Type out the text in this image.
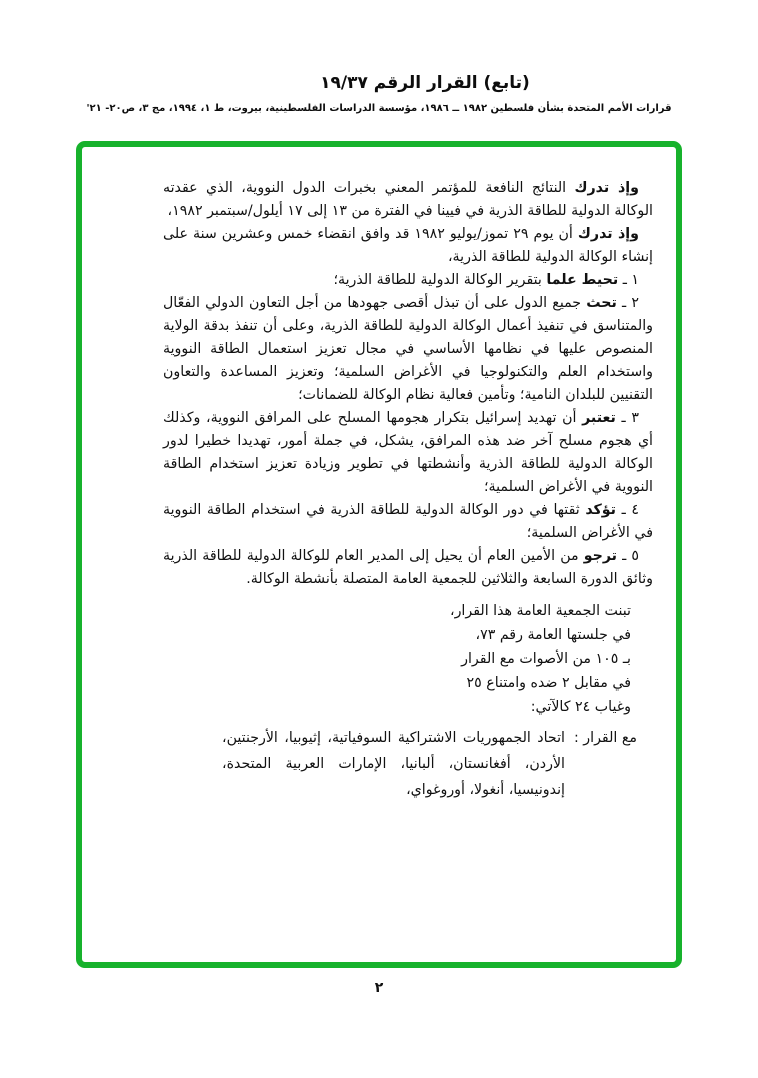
(تابع) القرار الرقم ١٩/٣٧
قرارات الأمم المتحدة بشأن فلسطين ١٩٨٢ ــ ١٩٨٦، مؤسسة الدراسات الفلسطينية، بيروت، ط ١، ١٩٩٤، مج ٣، ص٢٠- ٢١'

وإذ تدرك النتائج النافعة للمؤتمر المعني بخبرات الدول النووية، الذي عقدته الوكالة الدولية للطاقة الذرية في فيينا في الفترة من ١٣ إلى ١٧ أيلول/سبتمبر ١٩٨٢،

وإذ تدرك أن يوم ٢٩ تموز/يوليو ١٩٨٢ قد وافق انقضاء خمس وعشرين سنة على إنشاء الوكالة الدولية للطاقة الذرية،

١ ـ تحيط علما بتقرير الوكالة الدولية للطاقة الذرية؛

٢ ـ تحث جميع الدول على أن تبذل أقصى جهودها من أجل التعاون الدولي الفعّال والمتناسق في تنفيذ أعمال الوكالة الدولية للطاقة الذرية، وعلى أن تنفذ بدقة الولاية المنصوص عليها في نظامها الأساسي في مجال تعزيز استعمال الطاقة النووية واستخدام العلم والتكنولوجيا في الأغراض السلمية؛ وتعزيز المساعدة والتعاون التقنيين للبلدان النامية؛ وتأمين فعالية نظام الوكالة للضمانات؛

٣ ـ تعتبر أن تهديد إسرائيل بتكرار هجومها المسلح على المرافق النووية، وكذلك أي هجوم مسلح آخر ضد هذه المرافق، يشكل، في جملة أمور، تهديدا خطيرا لدور الوكالة الدولية للطاقة الذرية وأنشطتها في تطوير وزيادة تعزيز استخدام الطاقة النووية في الأغراض السلمية؛

٤ ـ تؤكد ثقتها في دور الوكالة الدولية للطاقة الذرية في استخدام الطاقة النووية في الأغراض السلمية؛

٥ ـ ترجو من الأمين العام أن يحيل إلى المدير العام للوكالة الدولية للطاقة الذرية وثائق الدورة السابعة والثلاثين للجمعية العامة المتصلة بأنشطة الوكالة.

تبنت الجمعية العامة هذا القرار،
في جلستها العامة رقم ٧٣،
بـ ١٠٥ من الأصوات مع القرار
في مقابل ٢ ضده وامتناع ٢٥
وغياب ٢٤ كالآتي:
مع القرار :
اتحاد الجمهوريات الاشتراكية السوفياتية، إثيوبيا، الأرجنتين، الأردن، أفغانستان، ألبانيا، الإمارات العربية المتحدة، إندونيسيا، أنغولا، أوروغواي،
٢
